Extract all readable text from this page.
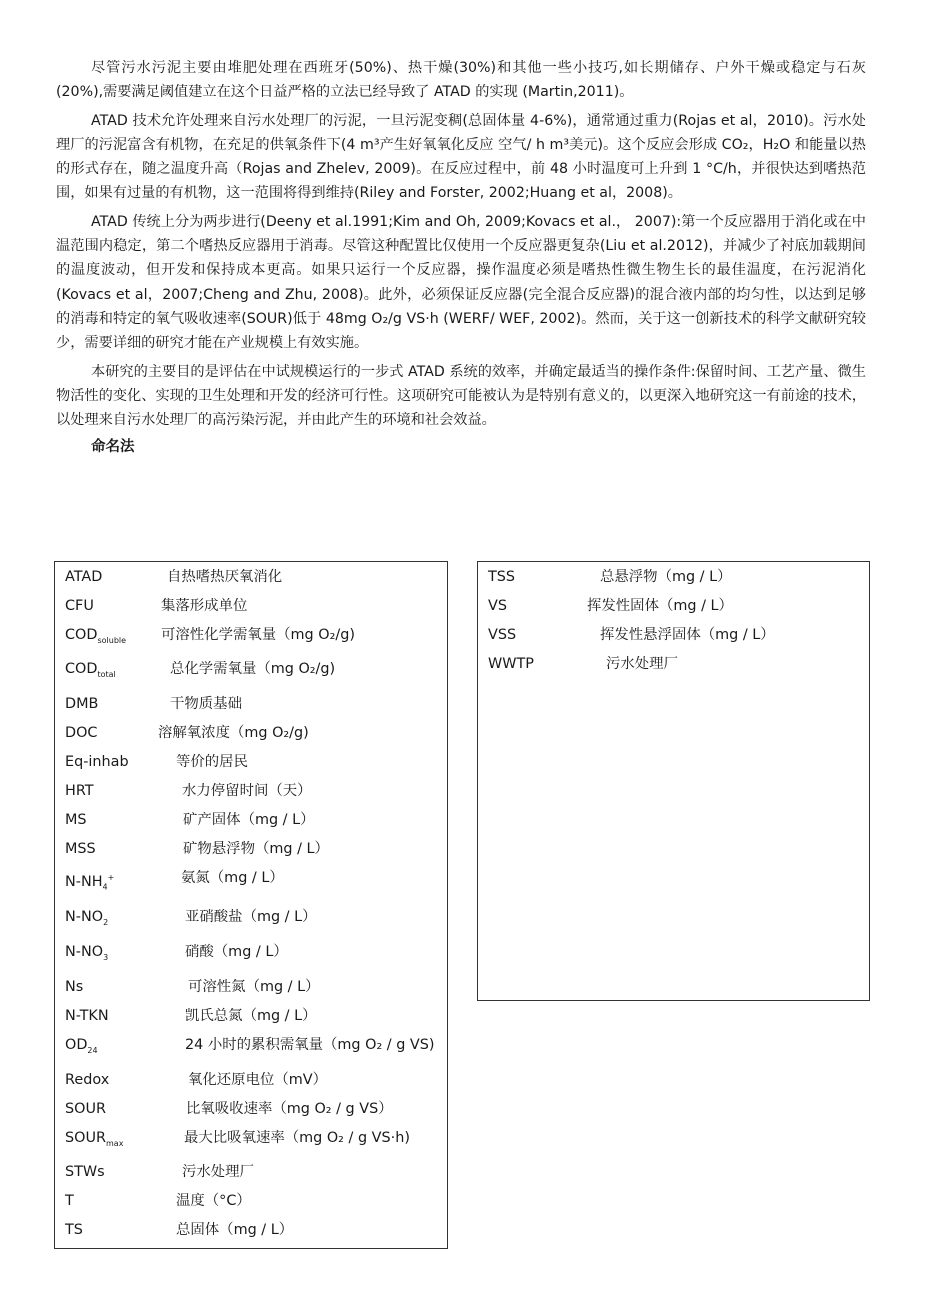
尽管污水污泥主要由堆肥处理在西班牙(50%)、热干燥(30%)和其他一些小技巧,如长期储存、户外干燥或稳定与石灰(20%),需要满足阈值建立在这个日益严格的立法已经导致了 ATAD 的实现 (Martin,2011)。

ATAD 技术允许处理来自污水处理厂的污泥，一旦污泥变稠(总固体量 4-6%)，通常通过重力(Rojas et al，2010)。污水处理厂的污泥富含有机物，在充足的供氧条件下(4 m³产生好氧氧化反应 空气/ h m³美元)。这个反应会形成 CO₂，H₂O 和能量以热的形式存在，随之温度升高（Rojas and Zhelev, 2009)。在反应过程中，前 48 小时温度可上升到 1 °C/h，并很快达到嗜热范围，如果有过量的有机物，这一范围将得到维持(Riley and Forster, 2002;Huang et al，2008)。

ATAD 传统上分为两步进行(Deeny et al.1991;Kim and Oh, 2009;Kovacs et al.， 2007):第一个反应器用于消化或在中温范围内稳定，第二个嗜热反应器用于消毒。尽管这种配置比仅使用一个反应器更复杂(Liu et al.2012)，并减少了衬底加载期间的温度波动，但开发和保持成本更高。如果只运行一个反应器，操作温度必须是嗜热性微生物生长的最佳温度，在污泥消化(Kovacs et al，2007;Cheng and Zhu, 2008)。此外，必须保证反应器(完全混合反应器)的混合液内部的均匀性，以达到足够的消毒和特定的氧气吸收速率(SOUR)低于 48mg O₂/g VS·h (WERF/ WEF, 2002)。然而，关于这一创新技术的科学文献研究较少，需要详细的研究才能在产业规模上有效实施。

本研究的主要目的是评估在中试规模运行的一步式 ATAD 系统的效率，并确定最适当的操作条件:保留时间、工艺产量、微生物活性的变化、实现的卫生处理和开发的经济可行性。这项研究可能被认为是特别有意义的，以更深入地研究这一有前途的技术，以处理来自污水处理厂的高污染污泥，并由此产生的环境和社会效益。

命名法

ATAD	自热嗜热厌氧消化
CFU	集落形成单位
$COD_{soluble}$	可溶性化学需氧量（mg O₂/g)
$COD_{total}$	总化学需氧量（mg O₂/g)
DMB	干物质基础
DOC	溶解氧浓度（mg O₂/g)
Eq-inhab	等价的居民
HRT	水力停留时间（天）
MS	矿产固体（mg / L）
MSS	矿物悬浮物（mg / L）
$N-NH_4^+$	氨氮（mg / L）
$N-NO_2$	亚硝酸盐（mg / L）
$N-NO_3$	硝酸（mg / L）
Ns	可溶性氮（mg / L）
N-TKN	凯氏总氮（mg / L）
$OD_{24}$	24 小时的累积需氧量（mg O₂ / g VS)
Redox	氧化还原电位（mV）
SOUR	比氧吸收速率（mg O₂ / g VS）
$SOUR_{max}$	最大比吸氧速率（mg O₂ / g VS·h)
STWs	污水处理厂
T	温度（°C）
TS	总固体（mg / L）
TSS	总悬浮物（mg / L）
VS	挥发性固体（mg / L）
VSS	挥发性悬浮固体（mg / L）
WWTP	污水处理厂
